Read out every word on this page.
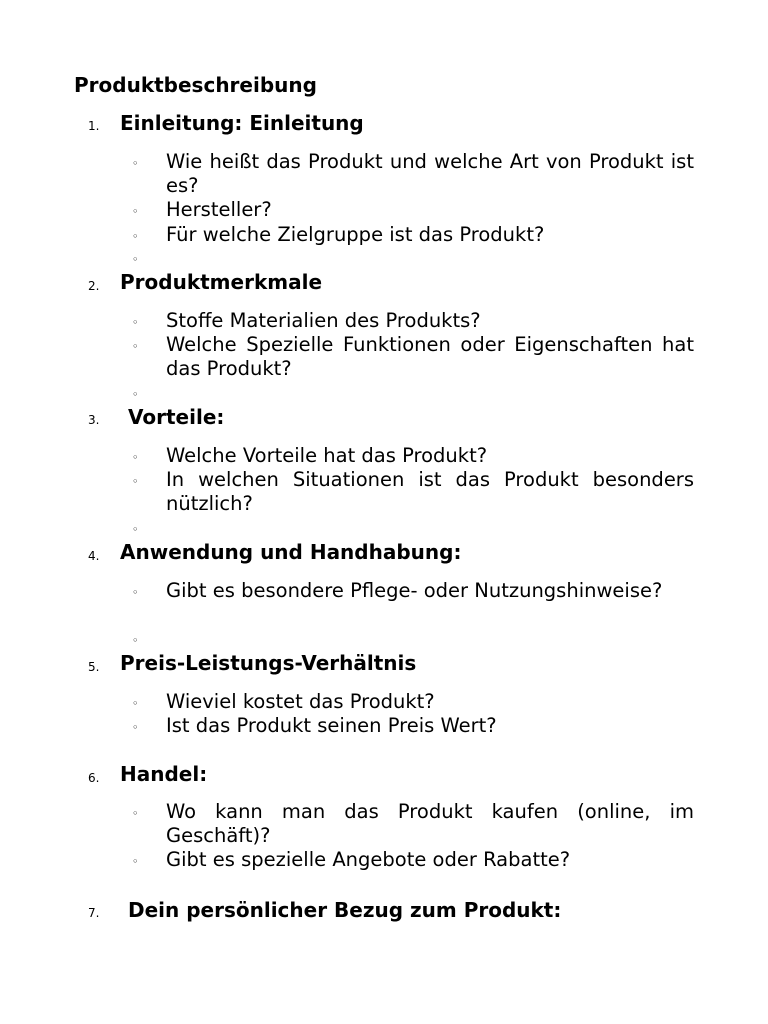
Produktbeschreibung
1. Einleitung: Einleitung
◦ Wie heißt das Produkt und welche Art von Produkt ist es?
◦ Hersteller?
◦ Für welche Zielgruppe ist das Produkt?
◦
2. Produktmerkmale
◦ Stoffe Materialien des Produkts?
◦ Welche Spezielle Funktionen oder Eigenschaften hat das Produkt?
◦
3. Vorteile:
◦ Welche Vorteile hat das Produkt?
◦ In welchen Situationen ist das Produkt besonders nützlich?
◦
4. Anwendung und Handhabung:
◦ Gibt es besondere Pflege- oder Nutzungshinweise?
◦
5. Preis-Leistungs-Verhältnis
◦ Wieviel kostet das Produkt?
◦ Ist das Produkt seinen Preis Wert?
6. Handel:
◦ Wo kann man das Produkt kaufen (online, im Geschäft)?
◦ Gibt es spezielle Angebote oder Rabatte?
7. Dein persönlicher Bezug zum Produkt:
